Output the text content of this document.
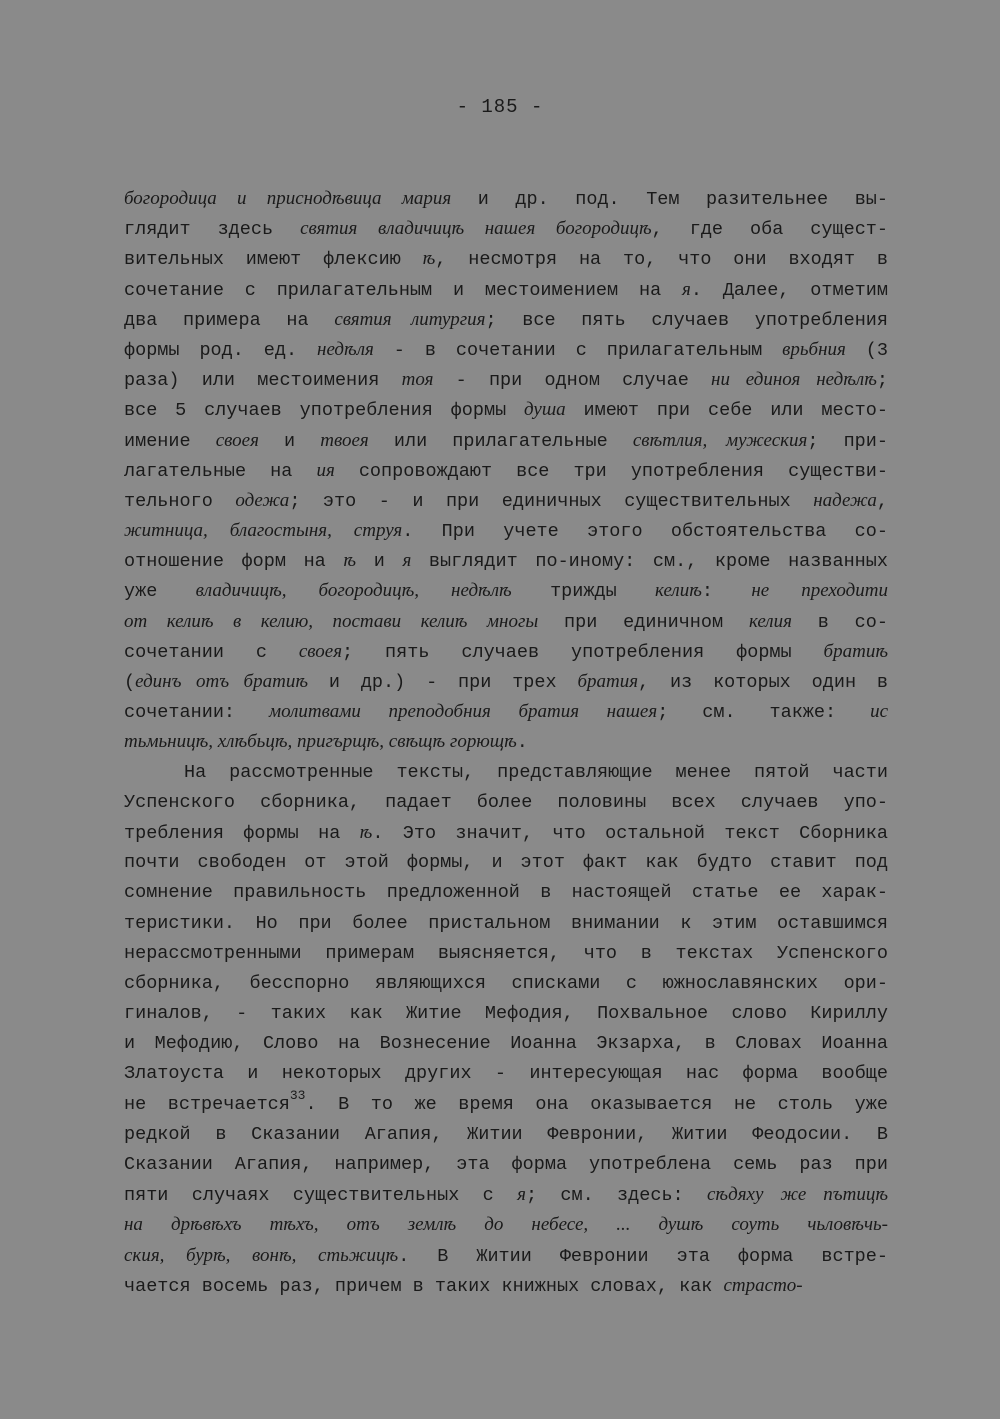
- 185 -
богородица и приснодѣвица мария и др. под. Тем разительнее вы-
глядит здесь святия владичицѣ нашея богородицѣ, где оба сущест-
вительных имеют флексию ѣ, несмотря на то, что они входят в
сочетание с прилагательным и местоимением на я. Далее, отметим
два примера на святия литургия; все пять случаев употребления
формы род. ед. недѣля - в сочетании с прилагательным врьбния (3
раза) или местоимения тоя - при одном случае ни единоя недѣлѣ;
все 5 случаев употребления формы душа имеют при себе или место-
имение своея и твоея или прилагательные свѣтлия, мужеския; при-
лагательные на ия сопровождают все три употребления существи-
тельного одежа; это - и при единичных существительных надежа,
житница, благостыня, струя. При учете этого обстоятельства со-
отношение форм на ѣ и я выглядит по-иному: см., кроме названных
уже владичицѣ, богородицѣ, недѣлѣ трижды келиѣ: не преходити
от келиѣ в келию, постави келиѣ многы при единичном келия в со-
сочетании с своея; пять случаев употребления формы братиѣ
(единъ отъ братиѣ и др.) - при трех братия, из которых один в
сочетании: молитвами преподобния братия нашея; см. также: ис
тьмьницѣ, хлѣбьцѣ, пригърщѣ, свѣщѣ горющѣ.
На рассмотренные тексты, представляющие менее пятой части
Успенского сборника, падает более половины всех случаев упо-
требления формы на ѣ. Это значит, что остальной текст Сборника
почти свободен от этой формы, и этот факт как будто ставит под
сомнение правильность предложенной в настоящей статье ее харак-
теристики. Но при более пристальном внимании к этим оставшимся
нерассмотренными примерам выясняется, что в текстах Успенского
сборника, бесспорно являющихся списками с южнославянских ори-
гиналов, - таких как Житие Мефодия, Похвальное слово Кириллу
и Мефодию, Слово на Вознесение Иоанна Экзарха, в Словах Иоанна
Златоуста и некоторых других - интересующая нас форма вообще
не встречается$^{33}$. В то же время она оказывается не столь уже
редкой в Сказании Агапия, Житии Февронии, Житии Феодосии. В
Сказании Агапия, например, эта форма употреблена семь раз при
пяти случаях существительных с я; см. здесь: сѣдяху же пътицѣ
на дрѣвѣхъ тѣхъ, отъ землѣ до небесе, ... душѣ соуть чьловѣчь-
ския, бурѣ, вонѣ, стьжицѣ. В Житии Февронии эта форма встре-
чается восемь раз, причем в таких книжных словах, как страсто-
